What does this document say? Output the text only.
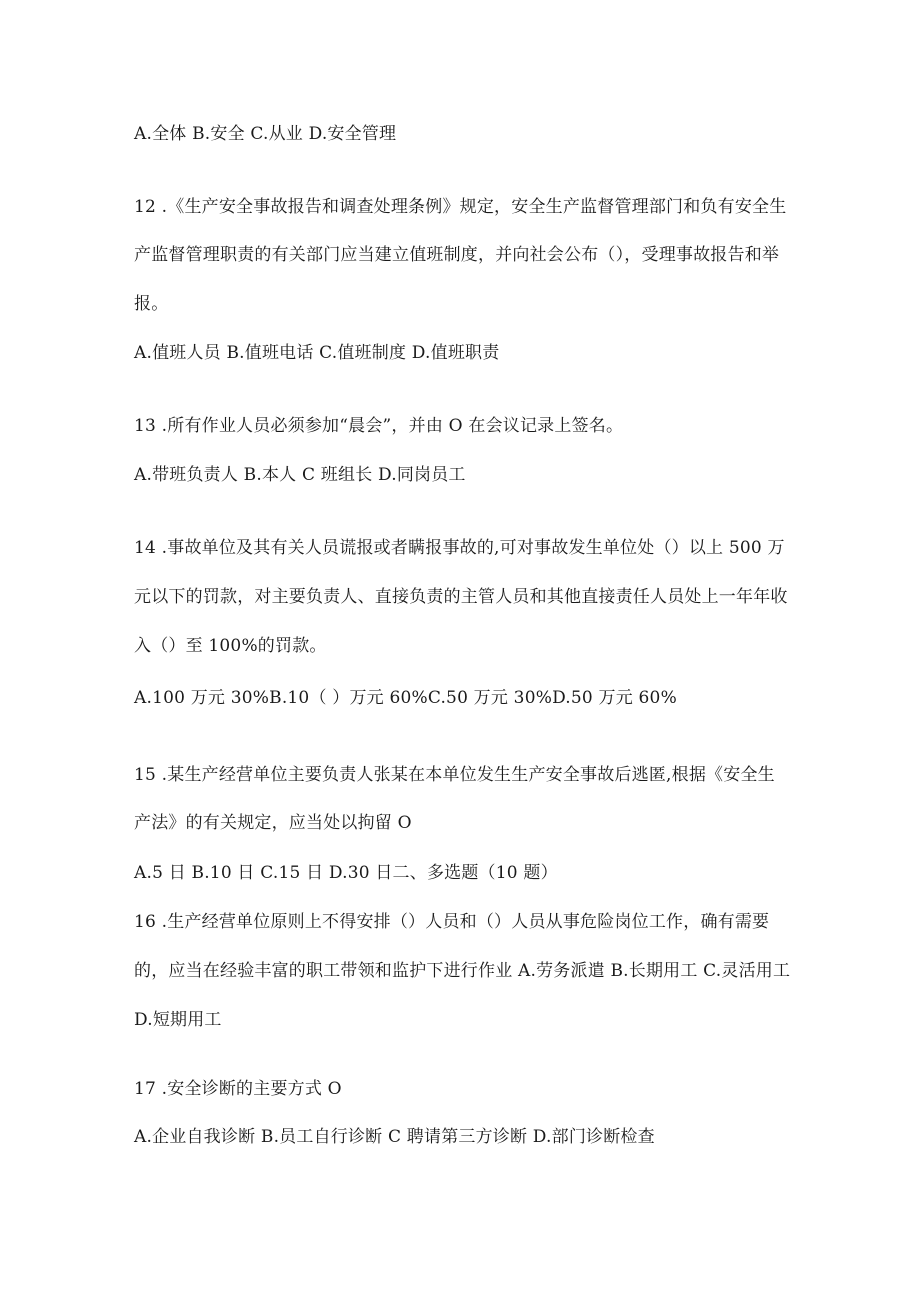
A.全体 B.安全 C.从业 D.安全管理
12 .《生产安全事故报告和调查处理条例》规定，安全生产监督管理部门和负有安全生
产监督管理职责的有关部门应当建立值班制度，并向社会公布（），受理事故报告和举
报。
A.值班人员 B.值班电话 C.值班制度 D.值班职责
13 .所有作业人员必须参加“晨会”，并由 O 在会议记录上签名。
A.带班负责人 B.本人 C 班组长 D.同岗员工
14 .事故单位及其有关人员谎报或者瞒报事故的,可对事故发生单位处（）以上 500 万
元以下的罚款，对主要负责人、直接负责的主管人员和其他直接责任人员处上一年年收
入（）至 100%的罚款。
A.100 万元 30%B.10（ ）万元 60%C.50 万元 30%D.50 万元 60%
15 .某生产经营单位主要负责人张某在本单位发生生产安全事故后逃匿,根据《安全生
产法》的有关规定，应当处以拘留 O
A.5 日 B.10 日 C.15 日 D.30 日二、多选题（10 题）
16 .生产经营单位原则上不得安排（）人员和（）人员从事危险岗位工作，确有需要
的，应当在经验丰富的职工带领和监护下进行作业 A.劳务派遣 B.长期用工 C.灵活用工
D.短期用工
17 .安全诊断的主要方式 O
A.企业自我诊断 B.员工自行诊断 C 聘请第三方诊断 D.部门诊断检查
